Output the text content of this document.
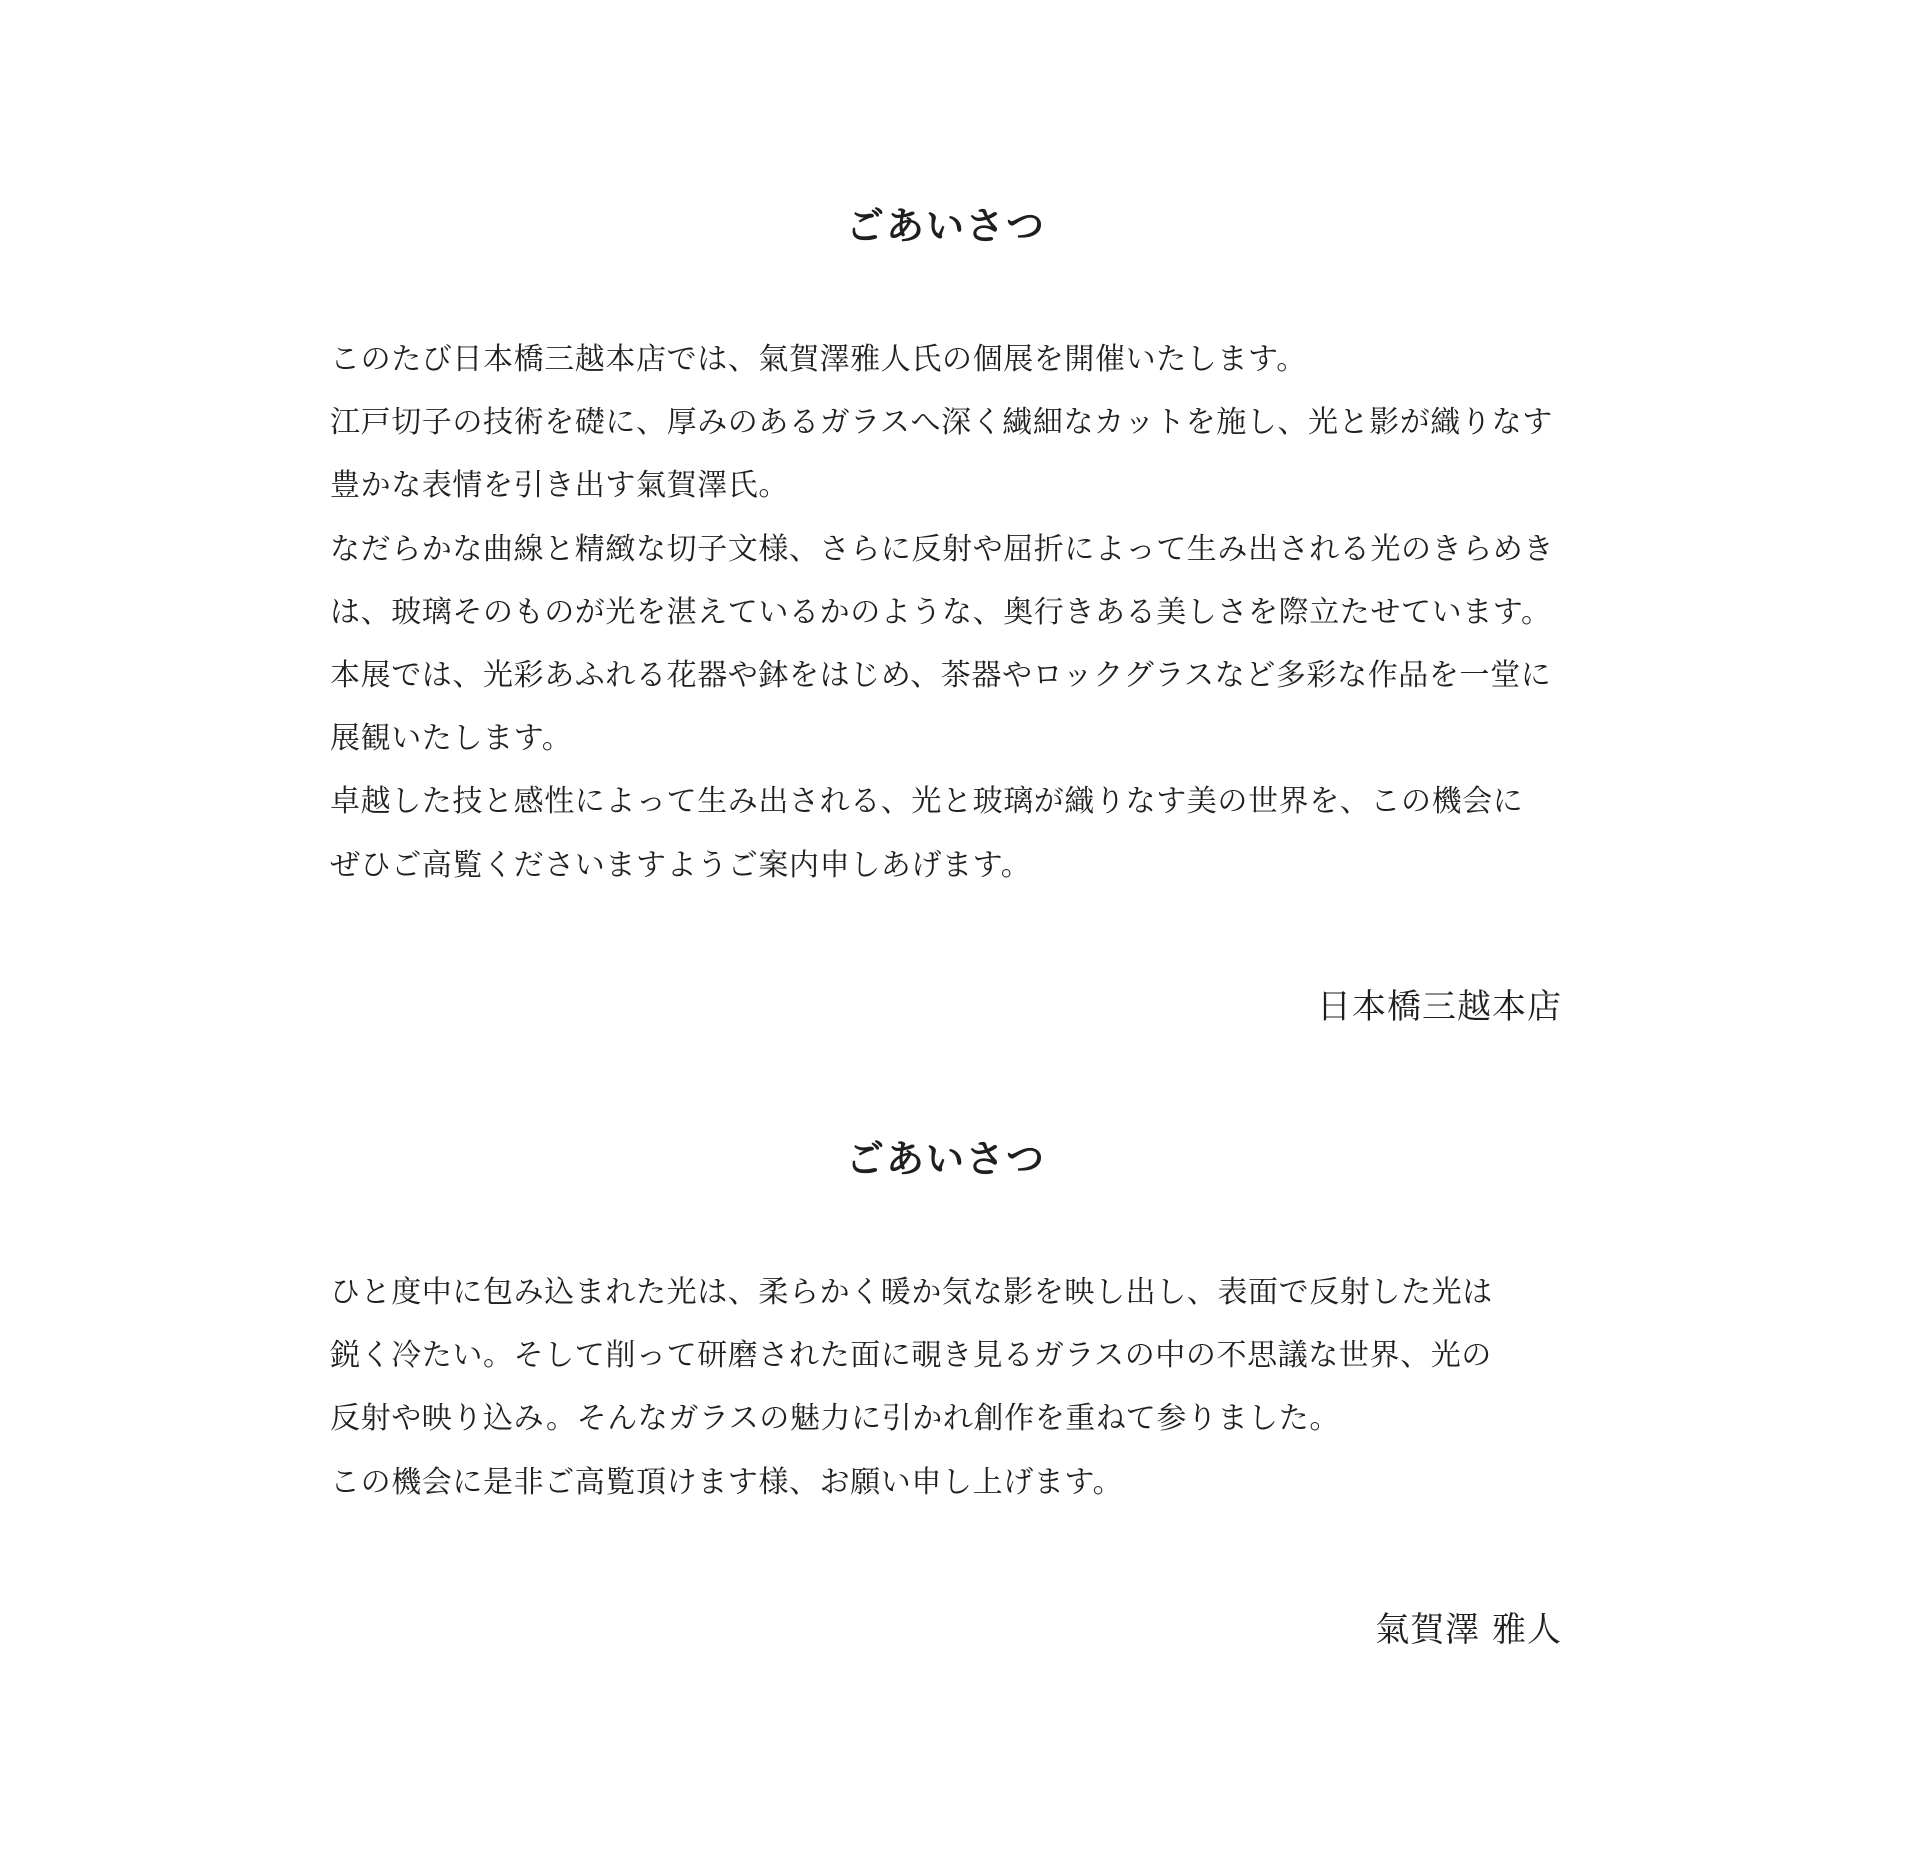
ごあいさつ
このたび日本橋三越本店では、氣賀澤雅人氏の個展を開催いたします。
江戸切子の技術を礎に、厚みのあるガラスへ深く繊細なカットを施し、光と影が織りなす
豊かな表情を引き出す氣賀澤氏。
なだらかな曲線と精緻な切子文様、さらに反射や屈折によって生み出される光のきらめき
は、玻璃そのものが光を湛えているかのような、奥行きある美しさを際立たせています。
本展では、光彩あふれる花器や鉢をはじめ、茶器やロックグラスなど多彩な作品を一堂に
展観いたします。
卓越した技と感性によって生み出される、光と玻璃が織りなす美の世界を、この機会に
ぜひご高覧くださいますようご案内申しあげます。
日本橋三越本店
ごあいさつ
ひと度中に包み込まれた光は、柔らかく暖か気な影を映し出し、表面で反射した光は
鋭く冷たい。そして削って研磨された面に覗き見るガラスの中の不思議な世界、光の
反射や映り込み。そんなガラスの魅力に引かれ創作を重ねて参りました。
この機会に是非ご高覧頂けます様、お願い申し上げます。
氣賀澤 雅人
